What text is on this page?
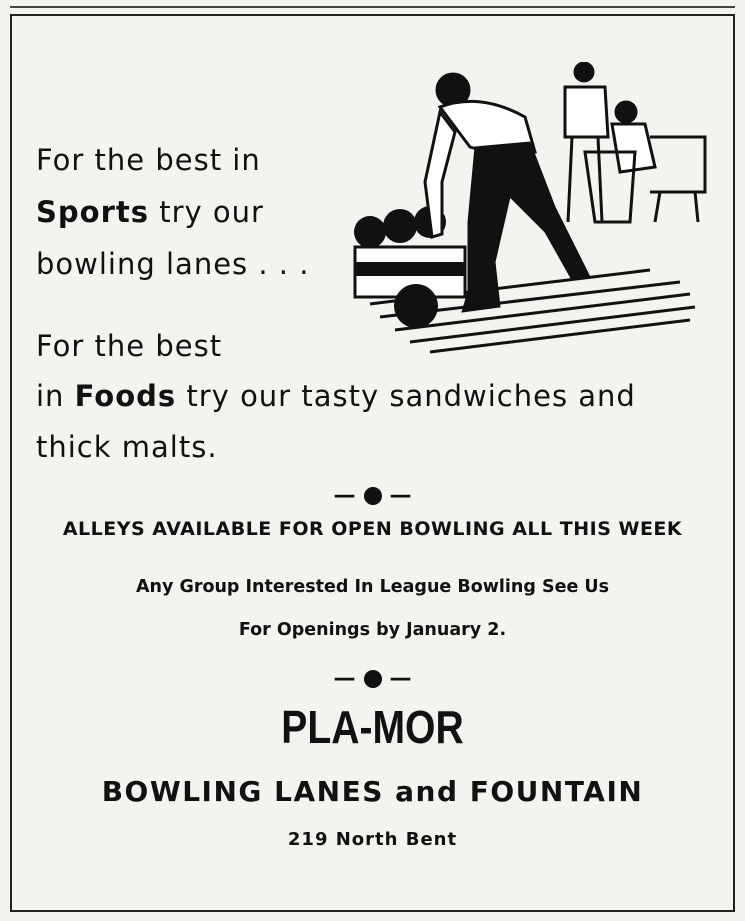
For the best in
Sports try our
bowling lanes . . .
For the best
in Foods try our tasty sandwiches and
thick malts.
— —
ALLEYS AVAILABLE FOR OPEN BOWLING ALL THIS WEEK
Any Group Interested In League Bowling See Us
For Openings by January 2.
— —
PLA-MOR
BOWLING LANES and FOUNTAIN
219 North Bent
